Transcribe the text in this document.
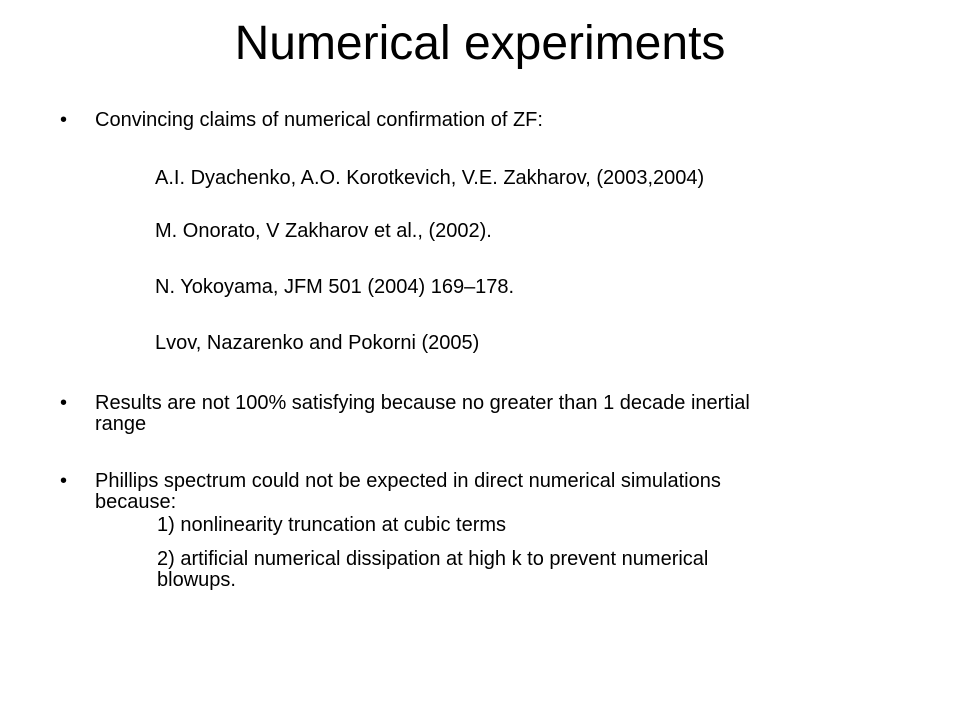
Numerical experiments
• Convincing claims of numerical confirmation of ZF:
A.I. Dyachenko, A.O. Korotkevich, V.E. Zakharov, (2003,2004)
M. Onorato, V Zakharov et al., (2002).
N. Yokoyama, JFM 501 (2004) 169–178.
Lvov, Nazarenko and Pokorni (2005)
• Results are not 100% satisfying because no greater than 1 decade inertial
range
• Phillips spectrum could not be expected in direct numerical simulations
because:
1) nonlinearity truncation at cubic terms
2) artificial numerical dissipation at high k to prevent numerical
blowups.
